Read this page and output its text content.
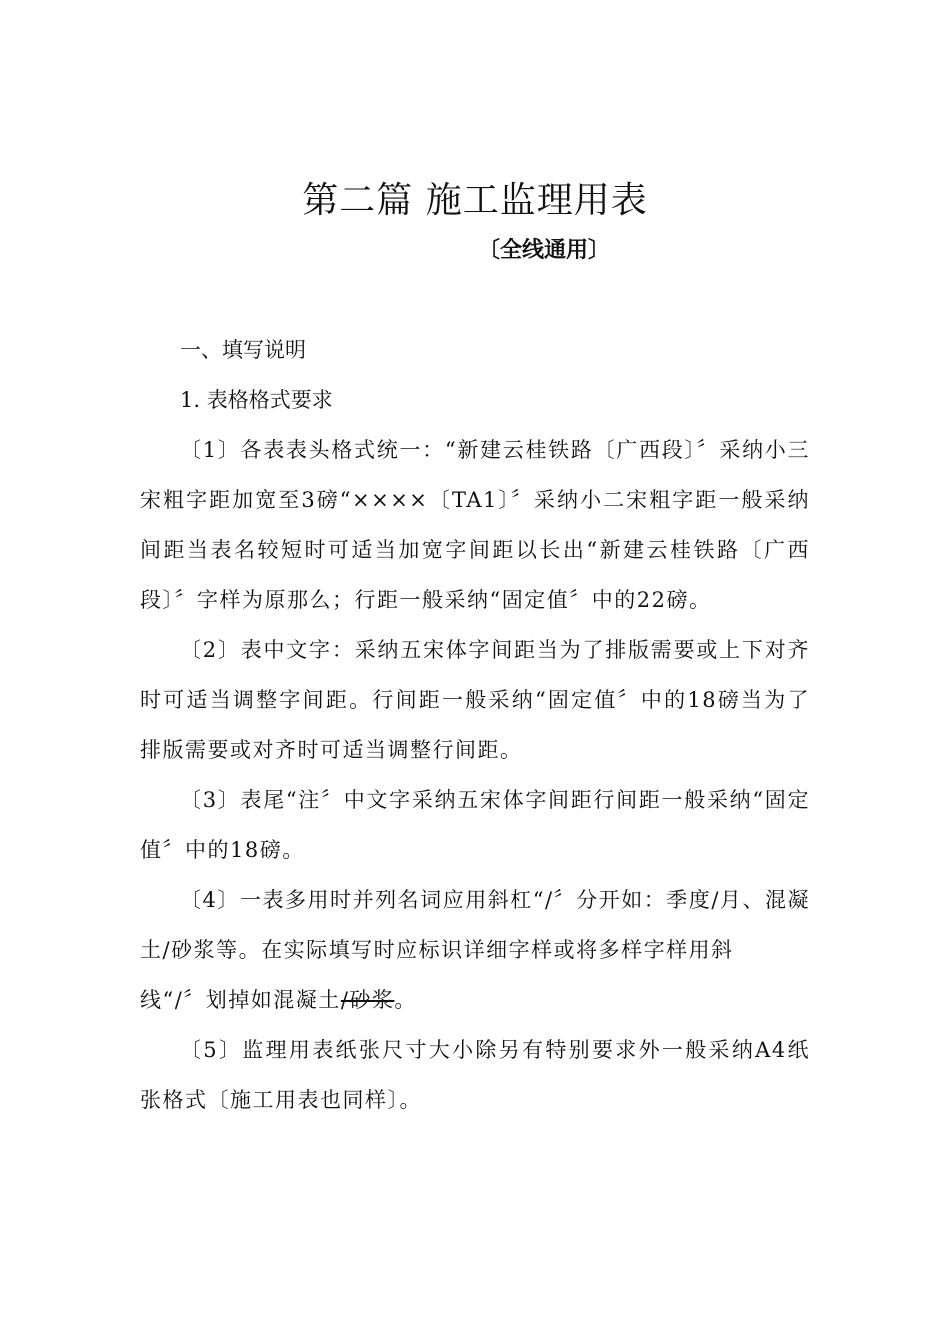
第二篇 施工监理用表
〔全线通用〕
一、填写说明
1. 表格格式要求
〔1〕各表表头格式统一：“新建云桂铁路〔广西段〕〞采纳小三宋粗字距加宽至3磅“××××〔TA1〕〞采纳小二宋粗字距一般采纳间距当表名较短时可适当加宽字间距以长出“新建云桂铁路〔广西段〕〞字样为原那么；行距一般采纳“固定值〞中的22磅。
〔2〕表中文字：采纳五宋体字间距当为了排版需要或上下对齐时可适当调整字间距。行间距一般采纳“固定值〞中的18磅当为了排版需要或对齐时可适当调整行间距。
〔3〕表尾“注〞中文字采纳五宋体字间距行间距一般采纳“固定值〞中的18磅。
〔4〕一表多用时并列名词应用斜杠“/〞分开如：季度/月、混凝土/砂浆等。在实际填写时应标识详细字样或将多样字样用斜
线“/〞划掉如混凝土/砂浆。
〔5〕监理用表纸张尺寸大小除另有特别要求外一般采纳A4纸张格式〔施工用表也同样〕。
